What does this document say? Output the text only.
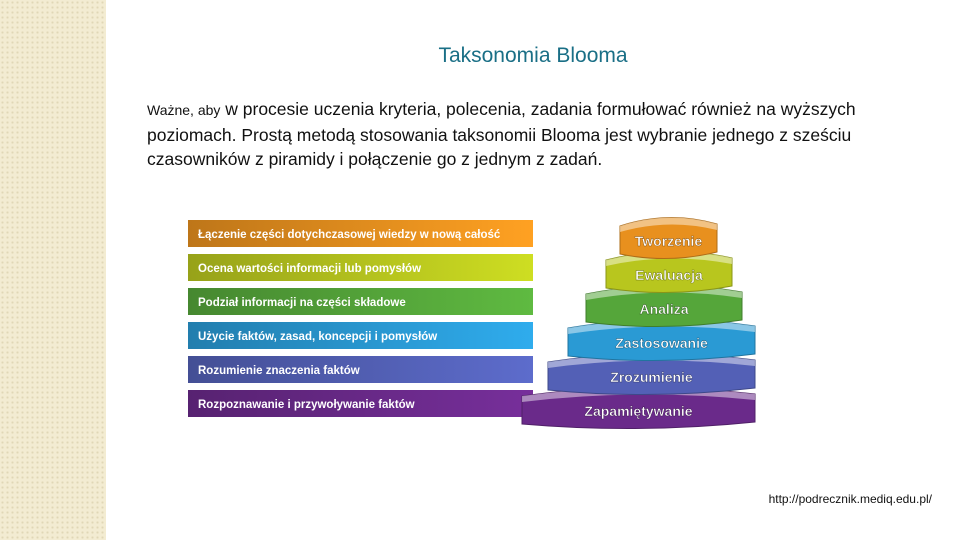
Taksonomia Blooma
Ważne, aby w procesie uczenia kryteria, polecenia, zadania formułować również na wyższych poziomach. Prostą metodą stosowania taksonomii Blooma jest wybranie jednego z sześciu czasowników z piramidy i połączenie go z jednym z zadań.
Rozpoznawanie i przywoływanie faktów	Zapamiętywanie
Rozumienie znaczenia faktów	Zrozumienie
Użycie faktów, zasad, koncepcji i pomysłów	Zastosowanie
Podział informacji na części składowe	Analiza
Ocena wartości informacji lub pomysłów	Ewaluacja
Łączenie części dotychczasowej wiedzy w nową całość	Tworzenie
http://podrecznik.mediq.edu.pl/
